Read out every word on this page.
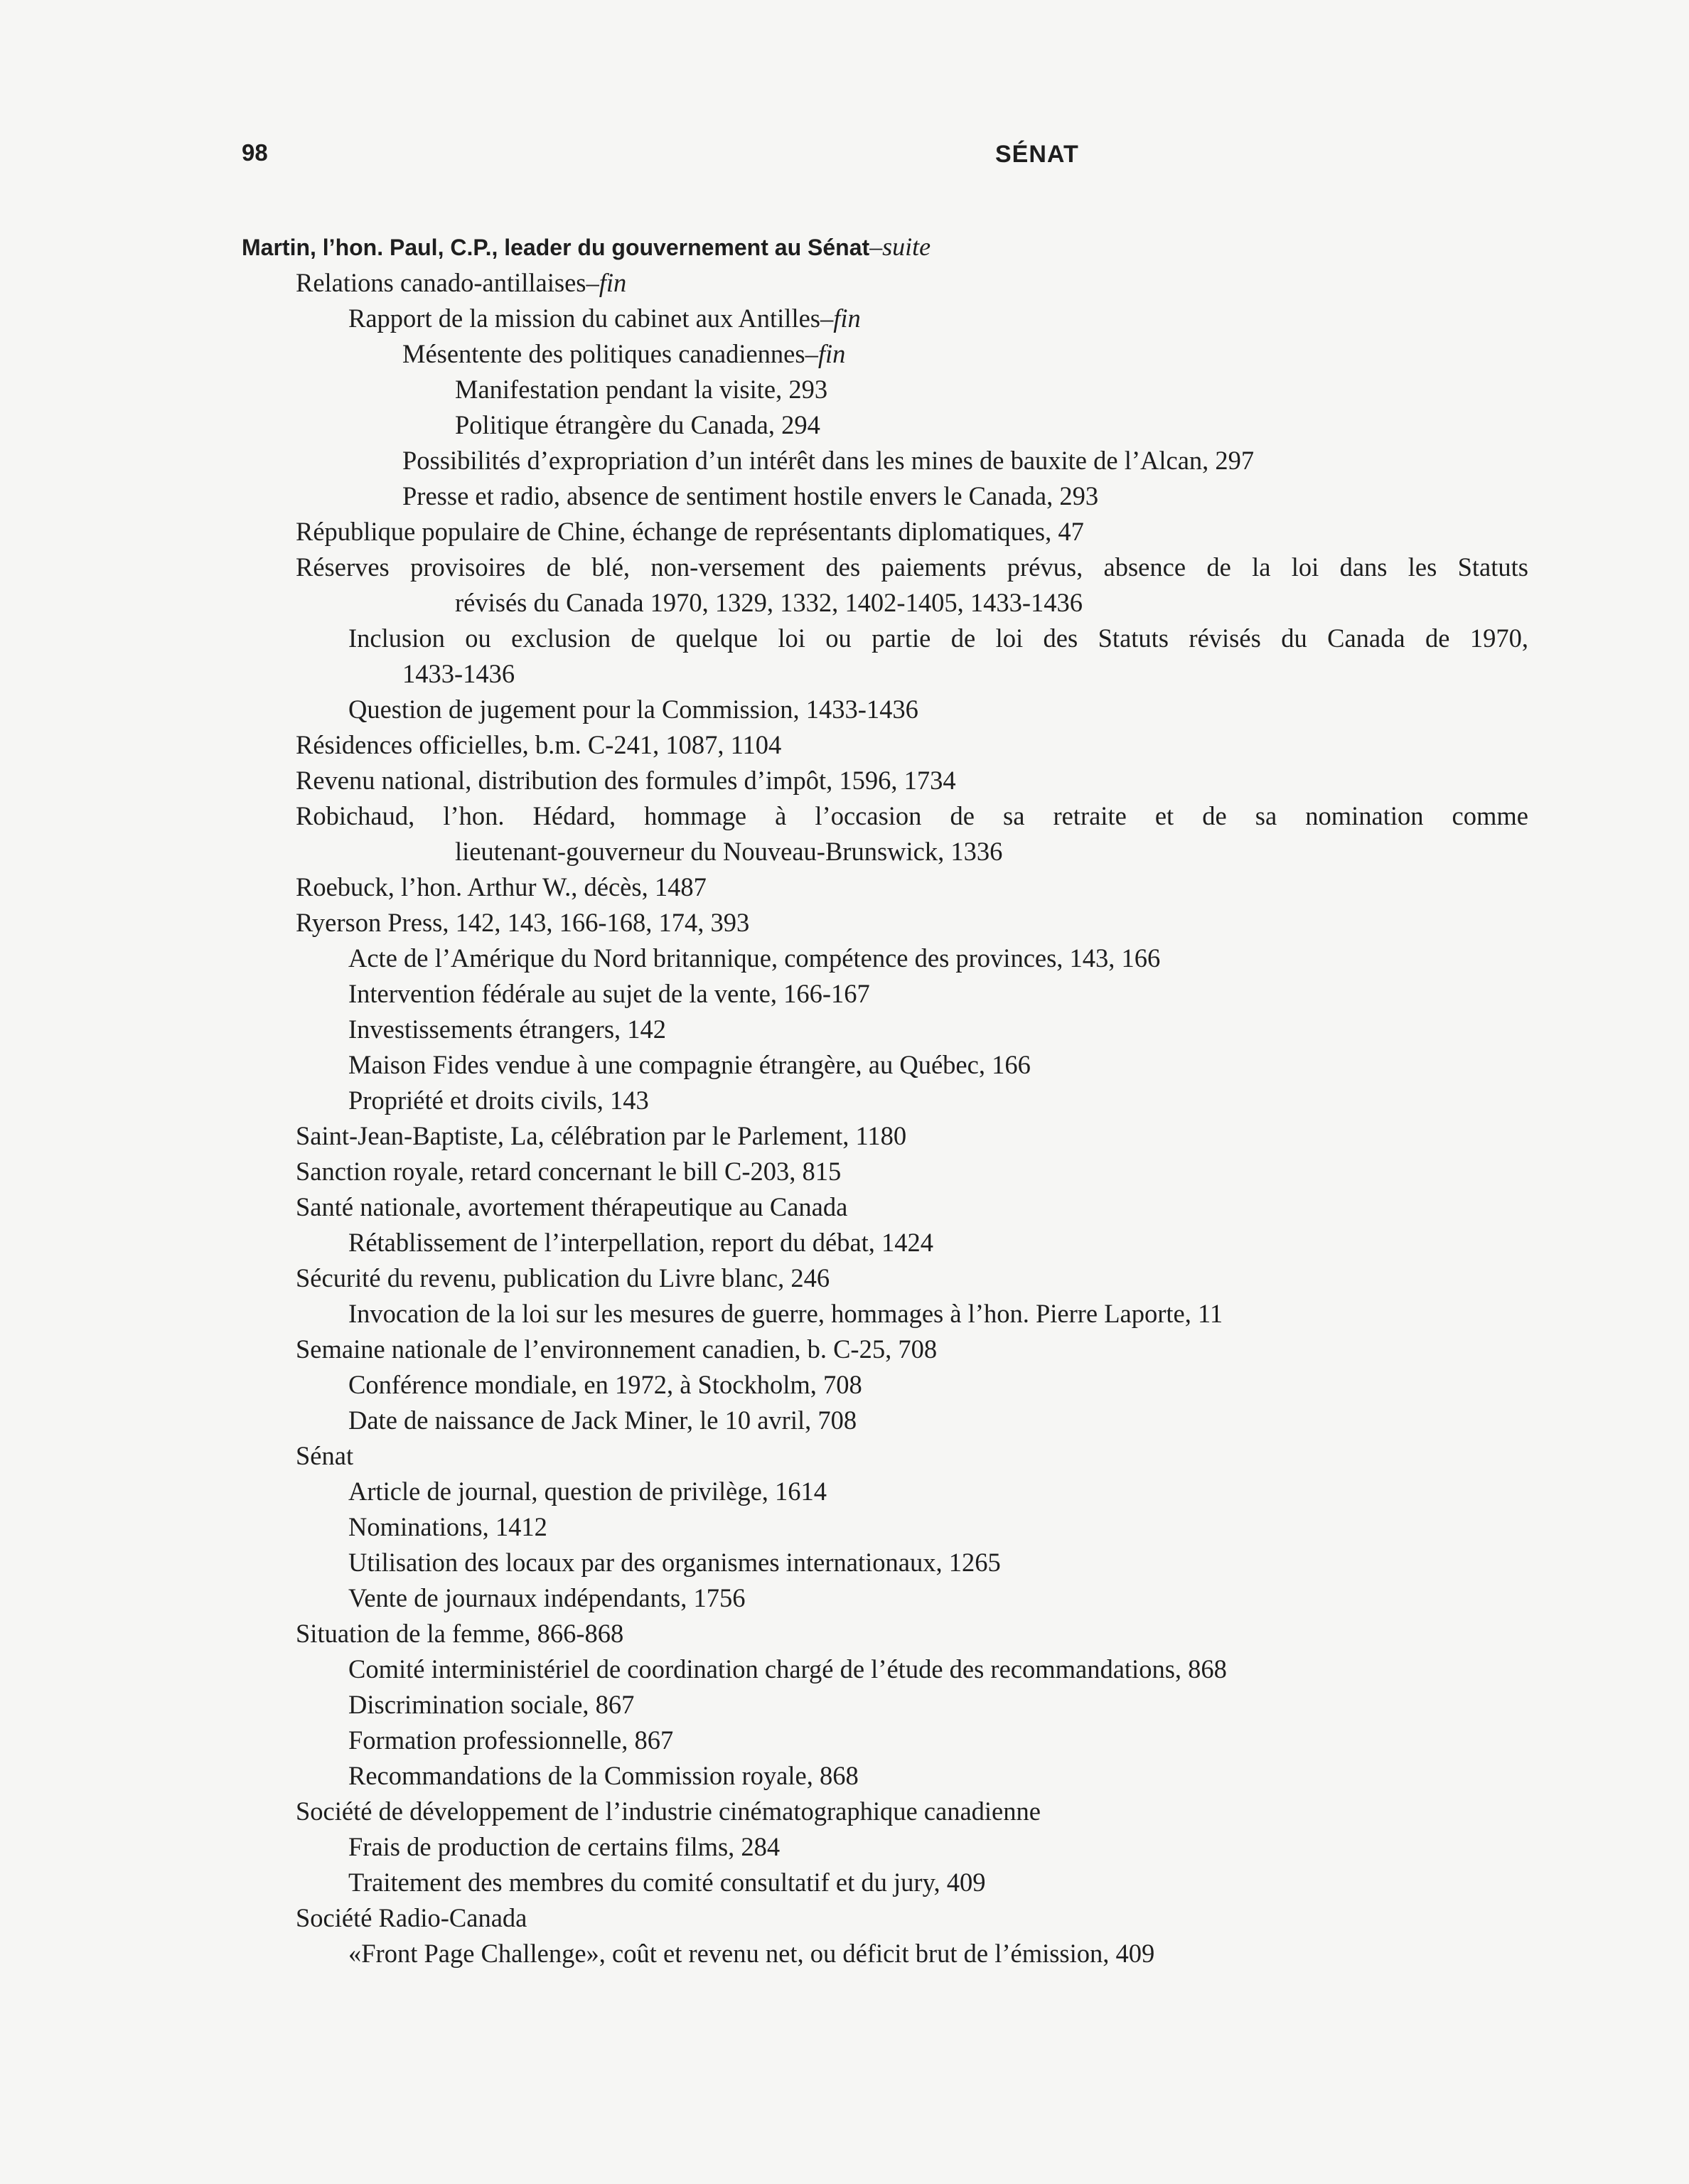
98	SÉNAT
Martin, l’hon. Paul, C.P., leader du gouvernement au Sénat–suite
Relations canado-antillaises–fin
Rapport de la mission du cabinet aux Antilles–fin
Mésentente des politiques canadiennes–fin
Manifestation pendant la visite, 293
Politique étrangère du Canada, 294
Possibilités d’expropriation d’un intérêt dans les mines de bauxite de l’Alcan, 297
Presse et radio, absence de sentiment hostile envers le Canada, 293
République populaire de Chine, échange de représentants diplomatiques, 47
Réserves provisoires de blé, non-versement des paiements prévus, absence de la loi dans les Statuts
révisés du Canada 1970, 1329, 1332, 1402-1405, 1433-1436
Inclusion ou exclusion de quelque loi ou partie de loi des Statuts révisés du Canada de 1970,
1433-1436
Question de jugement pour la Commission, 1433-1436
Résidences officielles, b.m. C-241, 1087, 1104
Revenu national, distribution des formules d’impôt, 1596, 1734
Robichaud, l’hon. Hédard, hommage à l’occasion de sa retraite et de sa nomination comme
lieutenant-gouverneur du Nouveau-Brunswick, 1336
Roebuck, l’hon. Arthur W., décès, 1487
Ryerson Press, 142, 143, 166-168, 174, 393
Acte de l’Amérique du Nord britannique, compétence des provinces, 143, 166
Intervention fédérale au sujet de la vente, 166-167
Investissements étrangers, 142
Maison Fides vendue à une compagnie étrangère, au Québec, 166
Propriété et droits civils, 143
Saint-Jean-Baptiste, La, célébration par le Parlement, 1180
Sanction royale, retard concernant le bill C-203, 815
Santé nationale, avortement thérapeutique au Canada
Rétablissement de l’interpellation, report du débat, 1424
Sécurité du revenu, publication du Livre blanc, 246
Invocation de la loi sur les mesures de guerre, hommages à l’hon. Pierre Laporte, 11
Semaine nationale de l’environnement canadien, b. C-25, 708
Conférence mondiale, en 1972, à Stockholm, 708
Date de naissance de Jack Miner, le 10 avril, 708
Sénat
Article de journal, question de privilège, 1614
Nominations, 1412
Utilisation des locaux par des organismes internationaux, 1265
Vente de journaux indépendants, 1756
Situation de la femme, 866-868
Comité interministériel de coordination chargé de l’étude des recommandations, 868
Discrimination sociale, 867
Formation professionnelle, 867
Recommandations de la Commission royale, 868
Société de développement de l’industrie cinématographique canadienne
Frais de production de certains films, 284
Traitement des membres du comité consultatif et du jury, 409
Société Radio-Canada
«Front Page Challenge», coût et revenu net, ou déficit brut de l’émission, 409
